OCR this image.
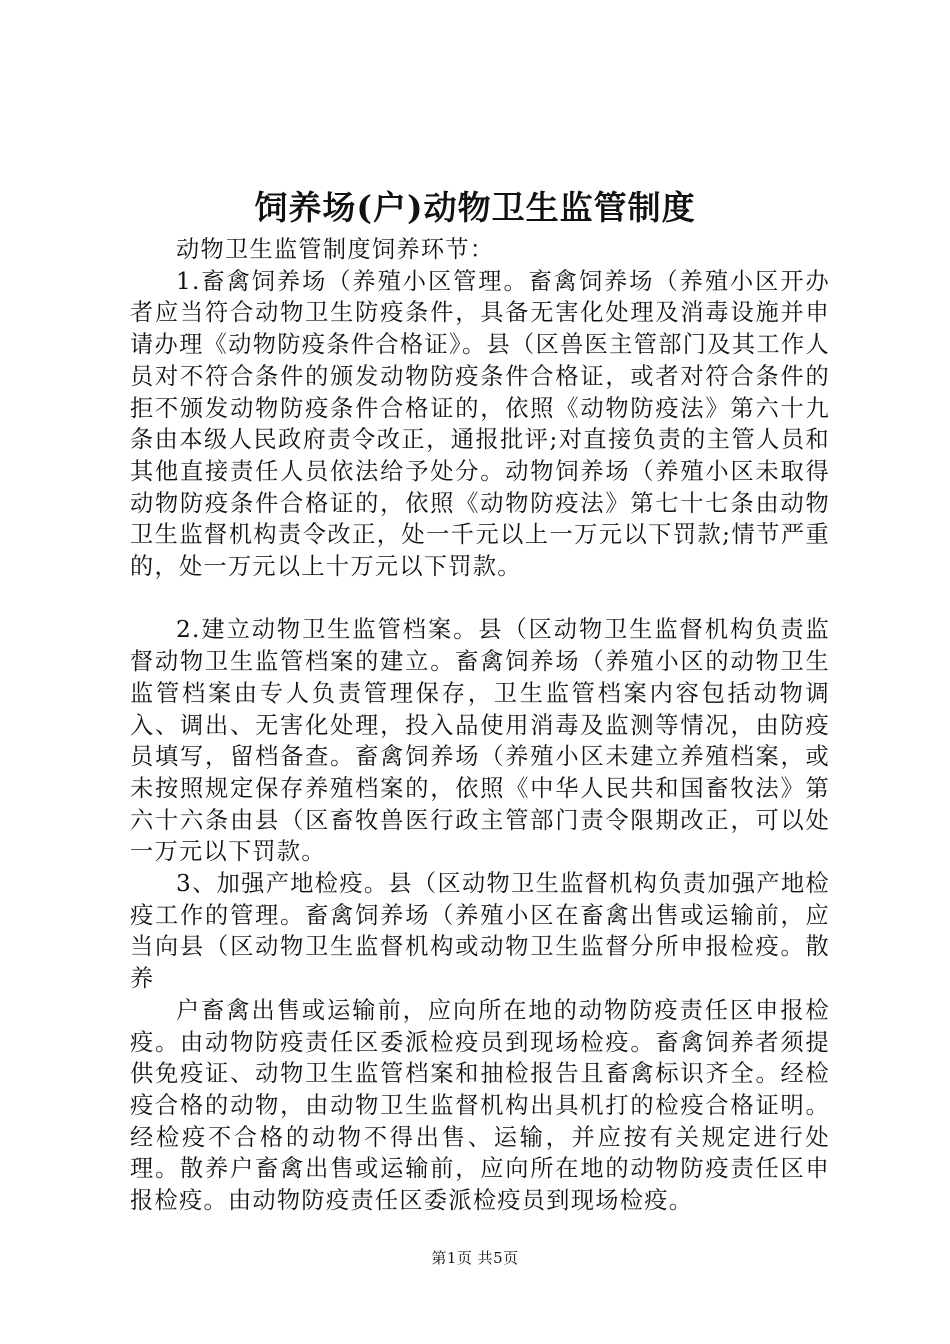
饲养场(户)动物卫生监管制度

动物卫生监管制度饲养环节：

1.畜禽饲养场（养殖小区管理。畜禽饲养场（养殖小区开办者应当符合动物卫生防疫条件，具备无害化处理及消毒设施并申请办理《动物防疫条件合格证》。县（区兽医主管部门及其工作人员对不符合条件的颁发动物防疫条件合格证，或者对符合条件的拒不颁发动物防疫条件合格证的，依照《动物防疫法》第六十九条由本级人民政府责令改正，通报批评;对直接负责的主管人员和其他直接责任人员依法给予处分。动物饲养场（养殖小区未取得动物防疫条件合格证的，依照《动物防疫法》第七十七条由动物卫生监督机构责令改正，处一千元以上一万元以下罚款;情节严重的，处一万元以上十万元以下罚款。

2.建立动物卫生监管档案。县（区动物卫生监督机构负责监督动物卫生监管档案的建立。畜禽饲养场（养殖小区的动物卫生监管档案由专人负责管理保存，卫生监管档案内容包括动物调入、调出、无害化处理，投入品使用消毒及监测等情况，由防疫员填写，留档备查。畜禽饲养场（养殖小区未建立养殖档案，或未按照规定保存养殖档案的，依照《中华人民共和国畜牧法》第六十六条由县（区畜牧兽医行政主管部门责令限期改正，可以处一万元以下罚款。

3、加强产地检疫。县（区动物卫生监督机构负责加强产地检疫工作的管理。畜禽饲养场（养殖小区在畜禽出售或运输前，应当向县（区动物卫生监督机构或动物卫生监督分所申报检疫。散养

户畜禽出售或运输前，应向所在地的动物防疫责任区申报检疫。由动物防疫责任区委派检疫员到现场检疫。畜禽饲养者须提供免疫证、动物卫生监管档案和抽检报告且畜禽标识齐全。经检疫合格的动物，由动物卫生监督机构出具机打的检疫合格证明。经检疫不合格的动物不得出售、运输，并应按有关规定进行处理。散养户畜禽出售或运输前，应向所在地的动物防疫责任区申报检疫。由动物防疫责任区委派检疫员到现场检疫。

第1页 共5页
